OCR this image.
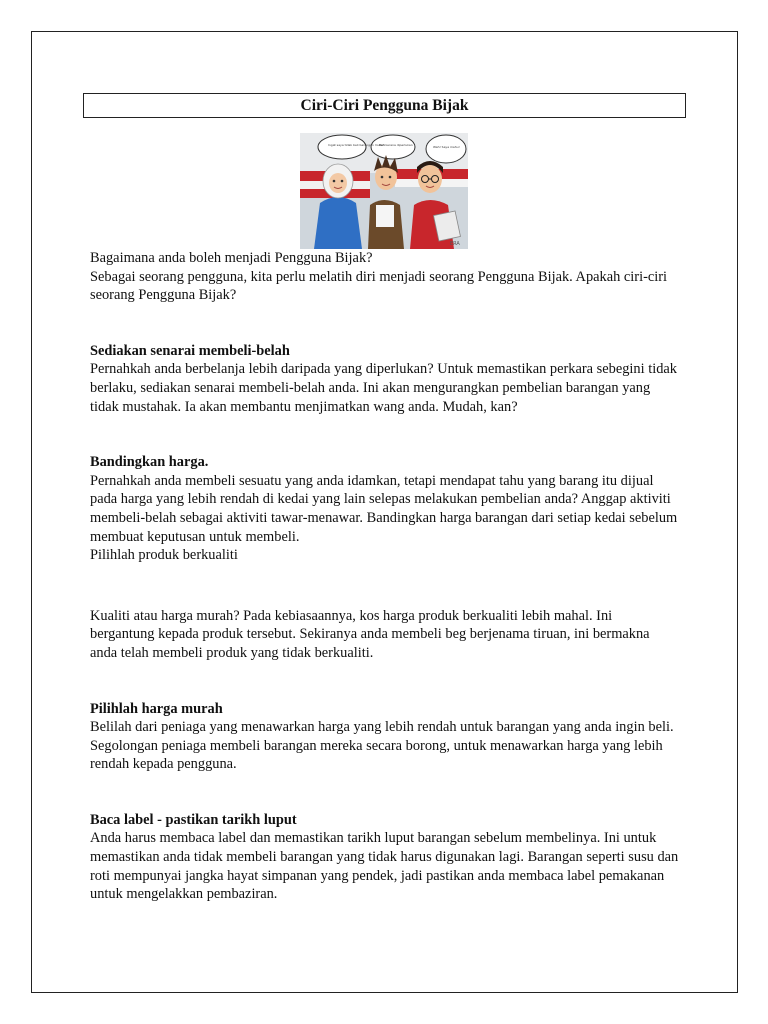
Ciri-Ciri Pengguna Bijak
Ingat saya tidak beli barangan murah
Beli kerana diperlukan	Wah! Saya mahu!
ERA

Bagaimana anda boleh menjadi Pengguna Bijak?

Sebagai seorang pengguna, kita perlu melatih diri menjadi seorang Pengguna Bijak. Apakah ciri-ciri seorang Pengguna Bijak?

Sediakan senarai membeli-belah

Pernahkah anda berbelanja lebih daripada yang diperlukan? Untuk memastikan perkara sebegini tidak berlaku, sediakan senarai membeli-belah anda. Ini akan mengurangkan pembelian barangan yang tidak mustahak. Ia akan membantu menjimatkan wang anda. Mudah, kan?

Bandingkan harga.

Pernahkah anda membeli sesuatu yang anda idamkan, tetapi mendapat tahu yang barang itu dijual pada harga yang lebih rendah di kedai yang lain selepas melakukan pembelian anda? Anggap aktiviti membeli-belah sebagai aktiviti tawar-menawar. Bandingkan harga barangan dari setiap kedai sebelum membuat keputusan untuk membeli.

Pilihlah produk berkualiti

Kualiti atau harga murah? Pada kebiasaannya, kos harga produk berkualiti lebih mahal. Ini bergantung kepada produk tersebut. Sekiranya anda membeli beg berjenama tiruan, ini bermakna anda telah membeli produk yang tidak berkualiti.

Pilihlah harga murah

Belilah dari peniaga yang menawarkan harga yang lebih rendah untuk barangan yang anda ingin beli. Segolongan peniaga membeli barangan mereka secara borong, untuk menawarkan harga yang lebih rendah kepada pengguna.

Baca label - pastikan tarikh luput

Anda harus membaca label dan memastikan tarikh luput barangan sebelum membelinya. Ini untuk memastikan anda tidak membeli barangan yang tidak harus digunakan lagi. Barangan seperti susu dan roti mempunyai jangka hayat simpanan yang pendek, jadi pastikan anda membaca label pemakanan untuk mengelakkan pembaziran.
